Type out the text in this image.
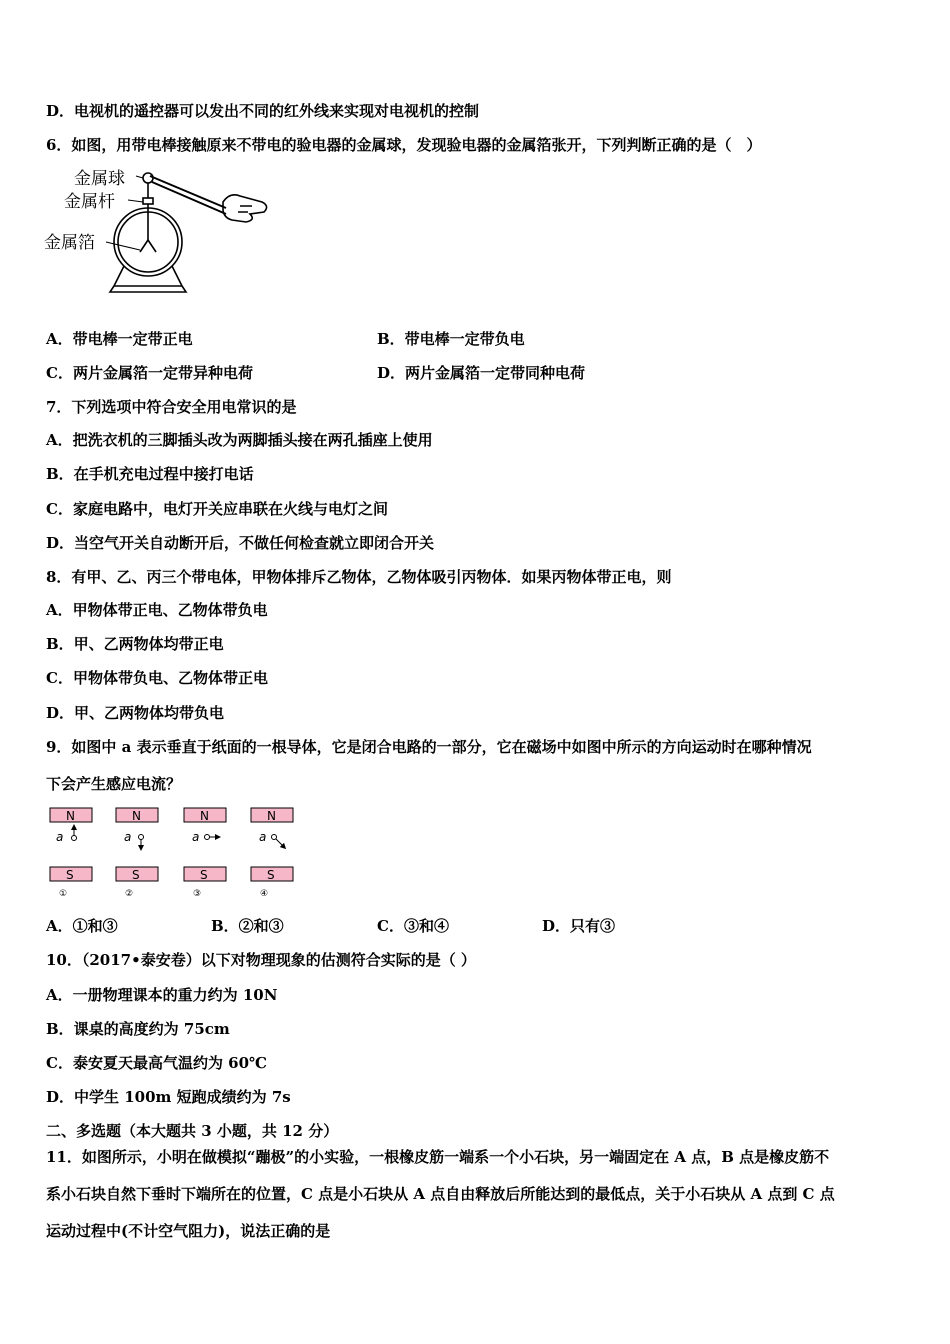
D．电视机的遥控器可以发出不同的红外线来实现对电视机的控制
6．如图，用带电棒接触原来不带电的验电器的金属球，发现验电器的金属箔张开，下列判断正确的是（　）
金属球
金属杆
金属箔
A．带电棒一定带正电	B．带电棒一定带负电
C．两片金属箔一定带异种电荷	D．两片金属箔一定带同种电荷
7．下列选项中符合安全用电常识的是
A．把洗衣机的三脚插头改为两脚插头接在两孔插座上使用
B．在手机充电过程中接打电话
C．家庭电路中，电灯开关应串联在火线与电灯之间
D．当空气开关自动断开后，不做任何检查就立即闭合开关
8．有甲、乙、丙三个带电体，甲物体排斥乙物体，乙物体吸引丙物体．如果丙物体带正电，则
A．甲物体带正电、乙物体带负电
B．甲、乙两物体均带正电
C．甲物体带负电、乙物体带正电
D．甲、乙两物体均带负电
9．如图中 a 表示垂直于纸面的一根导体，它是闭合电路的一部分，它在磁场中如图中所示的方向运动时在哪种情况
下会产生感应电流？
N
a
S
①
N
a
S
②
N
a
S
③
N
a
S
④
A．①和③	B．②和③	C．③和④	D．只有③
10．（2017•泰安卷）以下对物理现象的估测符合实际的是（ ）
A．一册物理课本的重力约为 10N
B．课桌的高度约为 75cm
C．泰安夏天最高气温约为 60℃
D．中学生 100m 短跑成绩约为 7s
二、多选题（本大题共 3 小题，共 12 分）
11．如图所示，小明在做模拟“蹦极”的小实验，一根橡皮筋一端系一个小石块，另一端固定在 A 点，B 点是橡皮筋不
系小石块自然下垂时下端所在的位置，C 点是小石块从 A 点自由释放后所能达到的最低点，关于小石块从 A 点到 C 点
运动过程中(不计空气阻力)，说法正确的是
